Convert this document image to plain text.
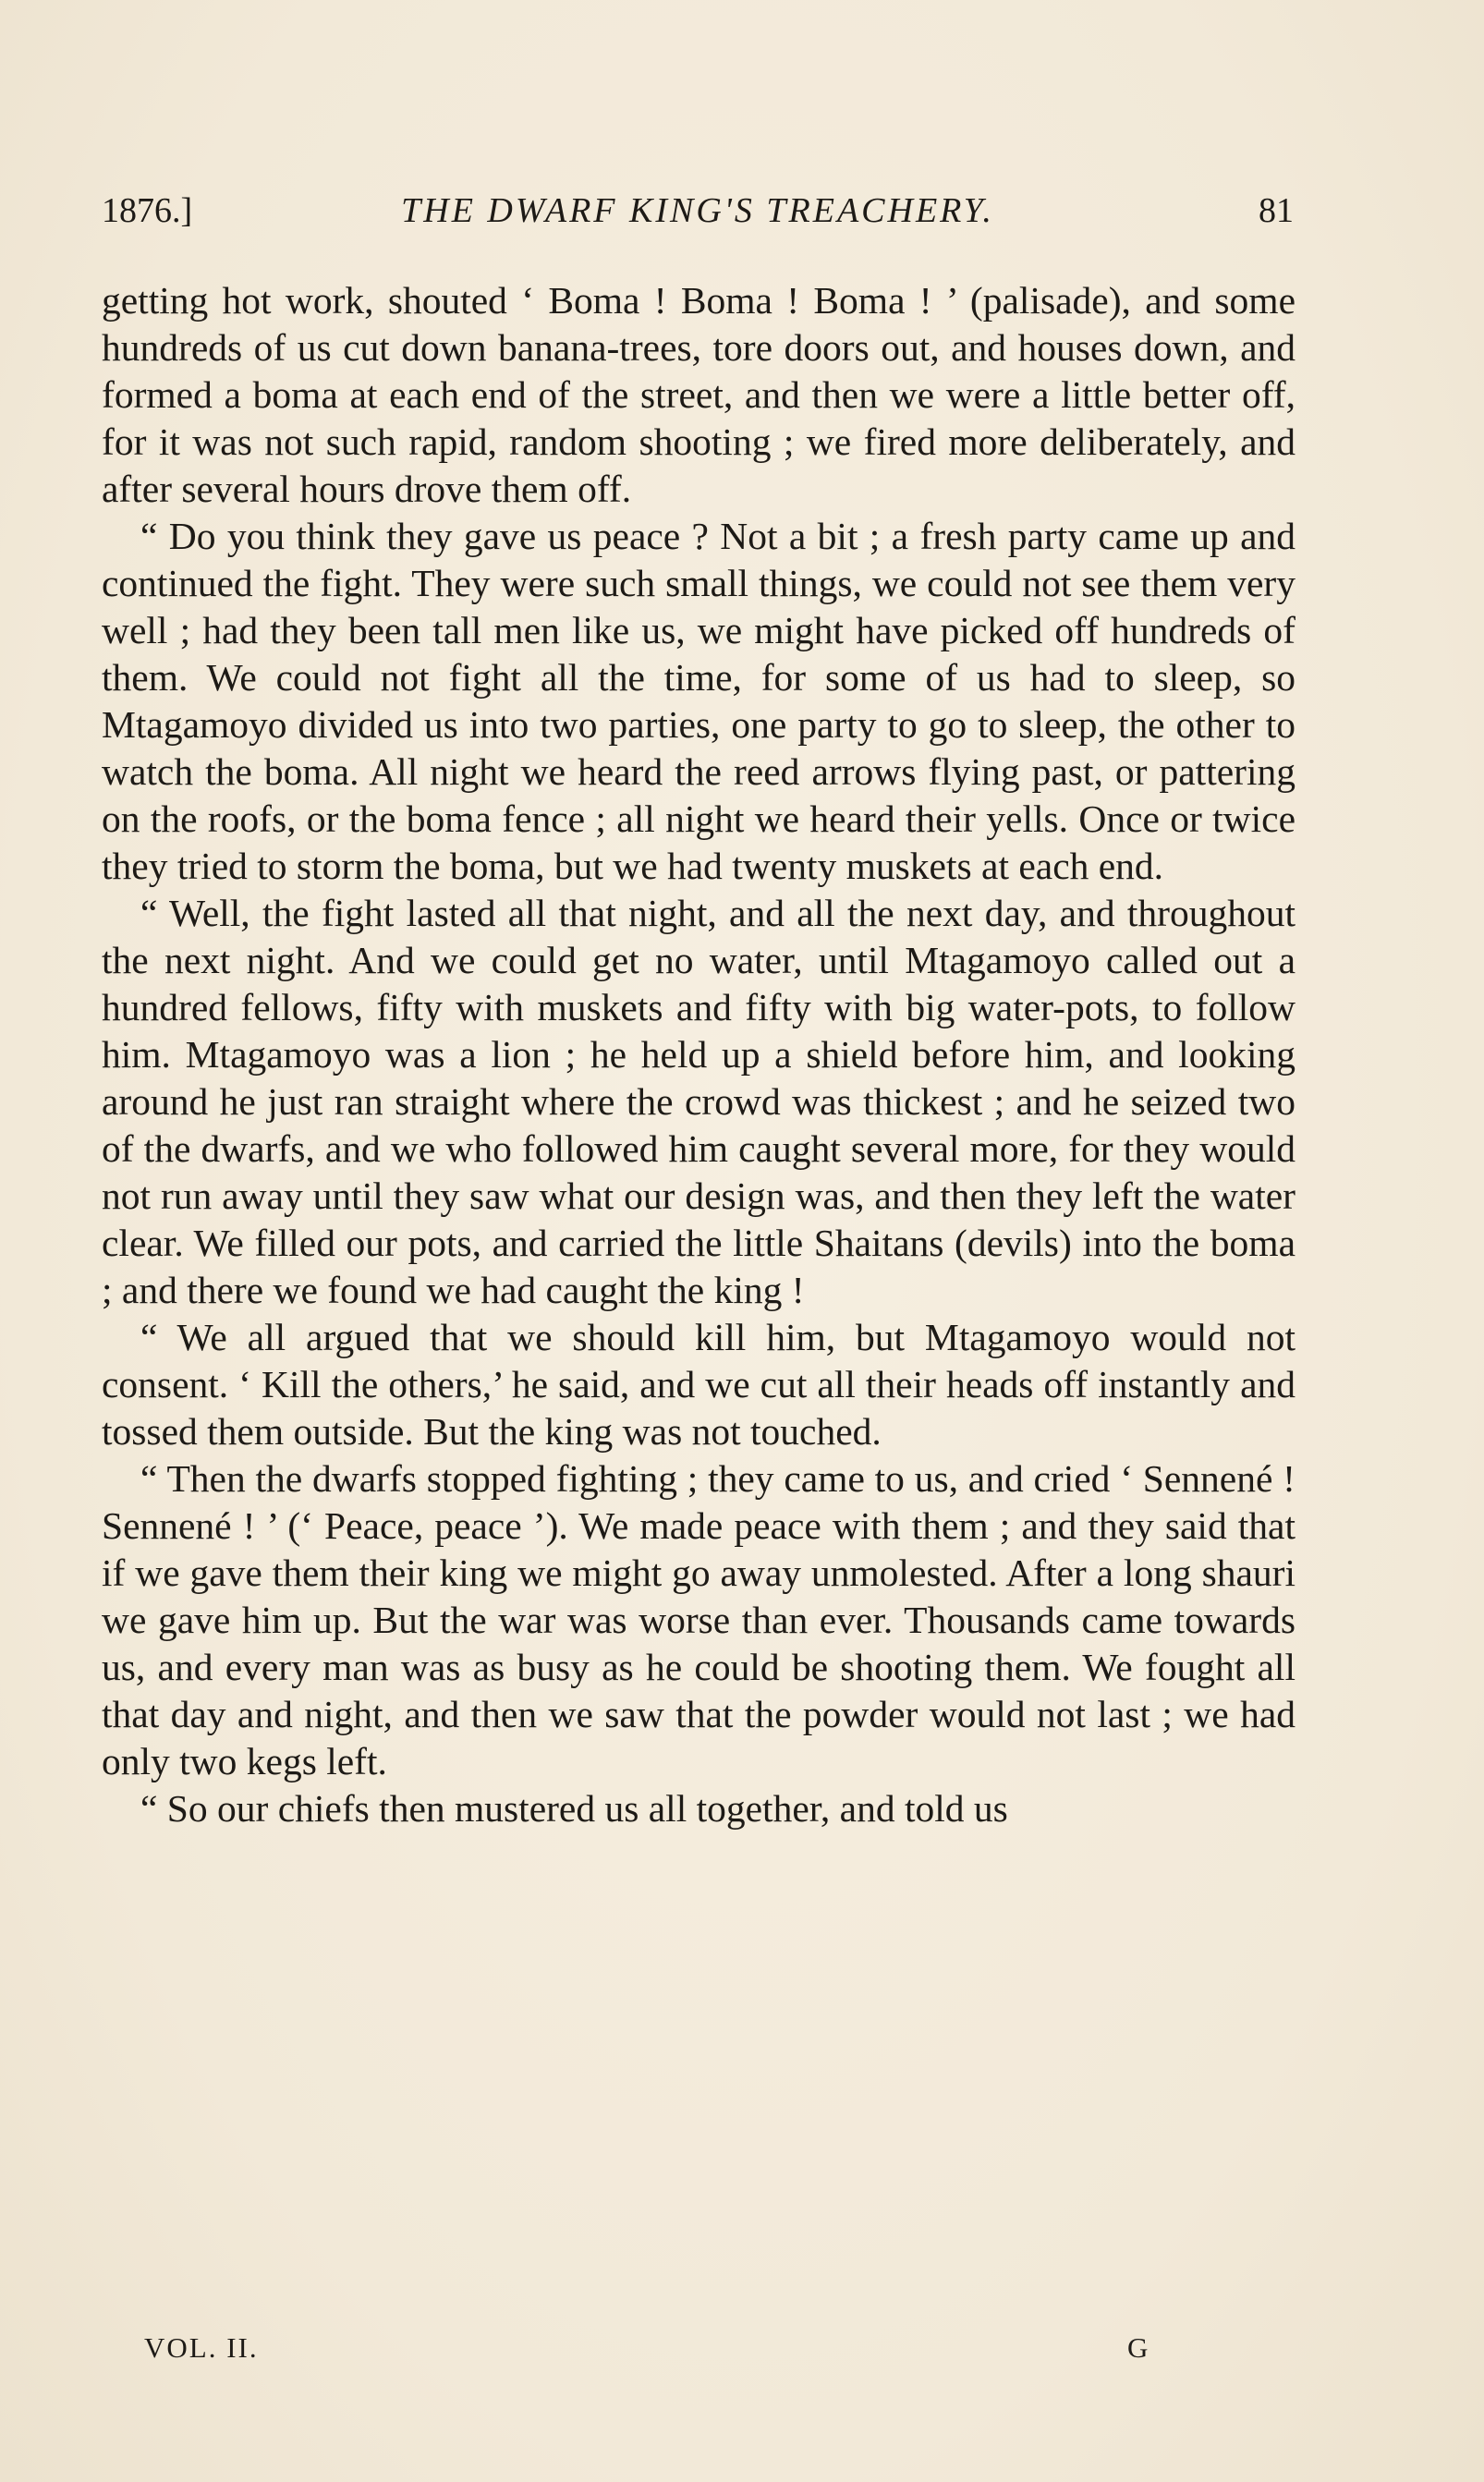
1876.]	THE DWARF KING'S TREACHERY.	81

getting hot work, shouted ‘ Boma ! Boma ! Boma ! ’ (palisade), and some hundreds of us cut down banana-trees, tore doors out, and houses down, and formed a boma at each end of the street, and then we were a little better off, for it was not such rapid, random shooting ; we fired more deliberately, and after several hours drove them off.

“ Do you think they gave us peace ? Not a bit ; a fresh party came up and continued the fight. They were such small things, we could not see them very well ; had they been tall men like us, we might have picked off hundreds of them. We could not fight all the time, for some of us had to sleep, so Mtagamoyo divided us into two parties, one party to go to sleep, the other to watch the boma. All night we heard the reed arrows flying past, or pattering on the roofs, or the boma fence ; all night we heard their yells. Once or twice they tried to storm the boma, but we had twenty muskets at each end.

“ Well, the fight lasted all that night, and all the next day, and throughout the next night. And we could get no water, until Mtagamoyo called out a hundred fellows, fifty with muskets and fifty with big water-pots, to follow him. Mtagamoyo was a lion ; he held up a shield before him, and looking around he just ran straight where the crowd was thickest ; and he seized two of the dwarfs, and we who followed him caught several more, for they would not run away until they saw what our design was, and then they left the water clear. We filled our pots, and carried the little Shaitans (devils) into the boma ; and there we found we had caught the king !

“ We all argued that we should kill him, but Mtagamoyo would not consent. ‘ Kill the others,’ he said, and we cut all their heads off instantly and tossed them outside. But the king was not touched.

“ Then the dwarfs stopped fighting ; they came to us, and cried ‘ Sennené ! Sennené ! ’ (‘ Peace, peace ’). We made peace with them ; and they said that if we gave them their king we might go away unmolested. After a long shauri we gave him up. But the war was worse than ever. Thousands came towards us, and every man was as busy as he could be shooting them. We fought all that day and night, and then we saw that the powder would not last ; we had only two kegs left.

“ So our chiefs then mustered us all together, and told us

VOL. II.	G
